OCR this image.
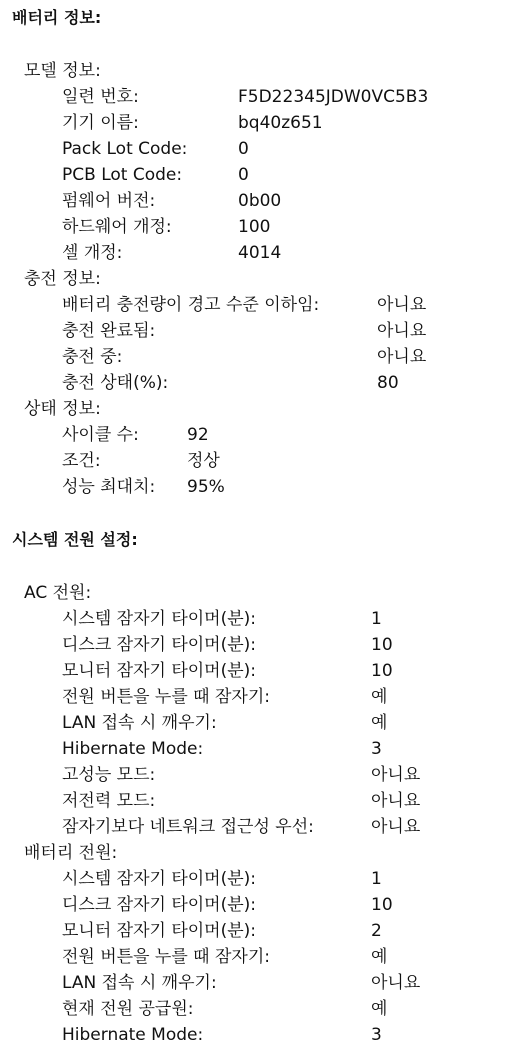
배터리 정보:
모델 정보:
일련 번호:	F5D22345JDW0VC5B3
기기 이름:	bq40z651
Pack Lot Code:	0
PCB Lot Code:	0
펌웨어 버전:	0b00
하드웨어 개정:	100
셀 개정:	4014
충전 정보:
배터리 충전량이 경고 수준 이하임:	아니요
충전 완료됨:	아니요
충전 중:	아니요
충전 상태(%):	80
상태 정보:
사이클 수:	92
조건:	정상
성능 최대치: 95%
시스템 전원 설정:
AC 전원:
시스템 잠자기 타이머(분):	1
디스크 잠자기 타이머(분):	10
모니터 잠자기 타이머(분):	10
전원 버튼을 누를 때 잠자기:	예
LAN 접속 시 깨우기:	예
Hibernate Mode:	3
고성능 모드:	아니요
저전력 모드:	아니요
잠자기보다 네트워크 접근성 우선:	아니요
배터리 전원:
시스템 잠자기 타이머(분):	1
디스크 잠자기 타이머(분):	10
모니터 잠자기 타이머(분):	2
전원 버튼을 누를 때 잠자기:	예
LAN 접속 시 깨우기:	아니요
현재 전원 공급원:	예
Hibernate Mode:	3
